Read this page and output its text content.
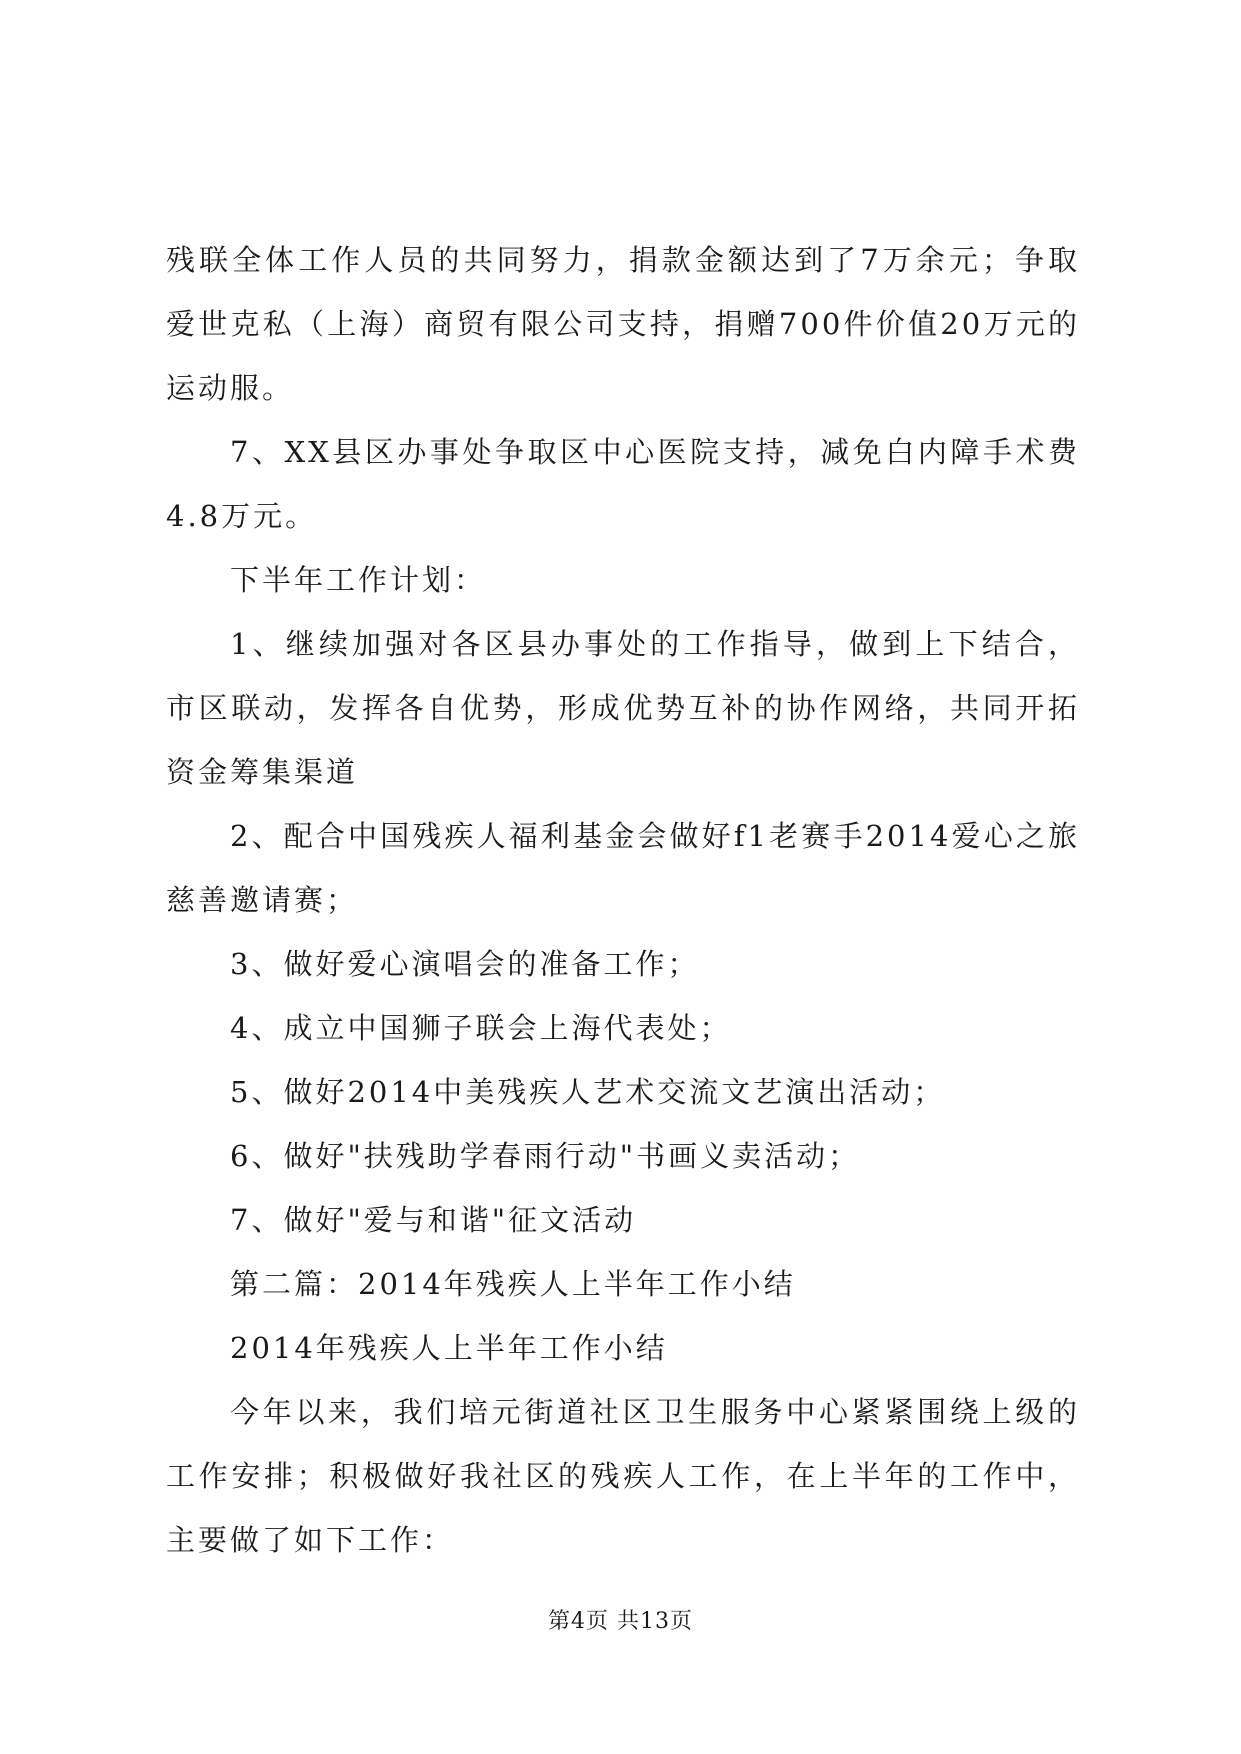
残联全体工作人员的共同努力，捐款金额达到了7万余元；争取爱世克私（上海）商贸有限公司支持，捐赠700件价值20万元的运动服。

7、XX县区办事处争取区中心医院支持，减免白内障手术费4.8万元。

下半年工作计划：

1、继续加强对各区县办事处的工作指导，做到上下结合，市区联动，发挥各自优势，形成优势互补的协作网络，共同开拓资金筹集渠道

2、配合中国残疾人福利基金会做好f1老赛手2014爱心之旅慈善邀请赛；

3、做好爱心演唱会的准备工作；

4、成立中国狮子联会上海代表处；

5、做好2014中美残疾人艺术交流文艺演出活动；

6、做好"扶残助学春雨行动"书画义卖活动；

7、做好"爱与和谐"征文活动

第二篇：2014年残疾人上半年工作小结

2014年残疾人上半年工作小结

今年以来，我们培元街道社区卫生服务中心紧紧围绕上级的工作安排；积极做好我社区的残疾人工作，在上半年的工作中，主要做了如下工作：

第4页 共13页
